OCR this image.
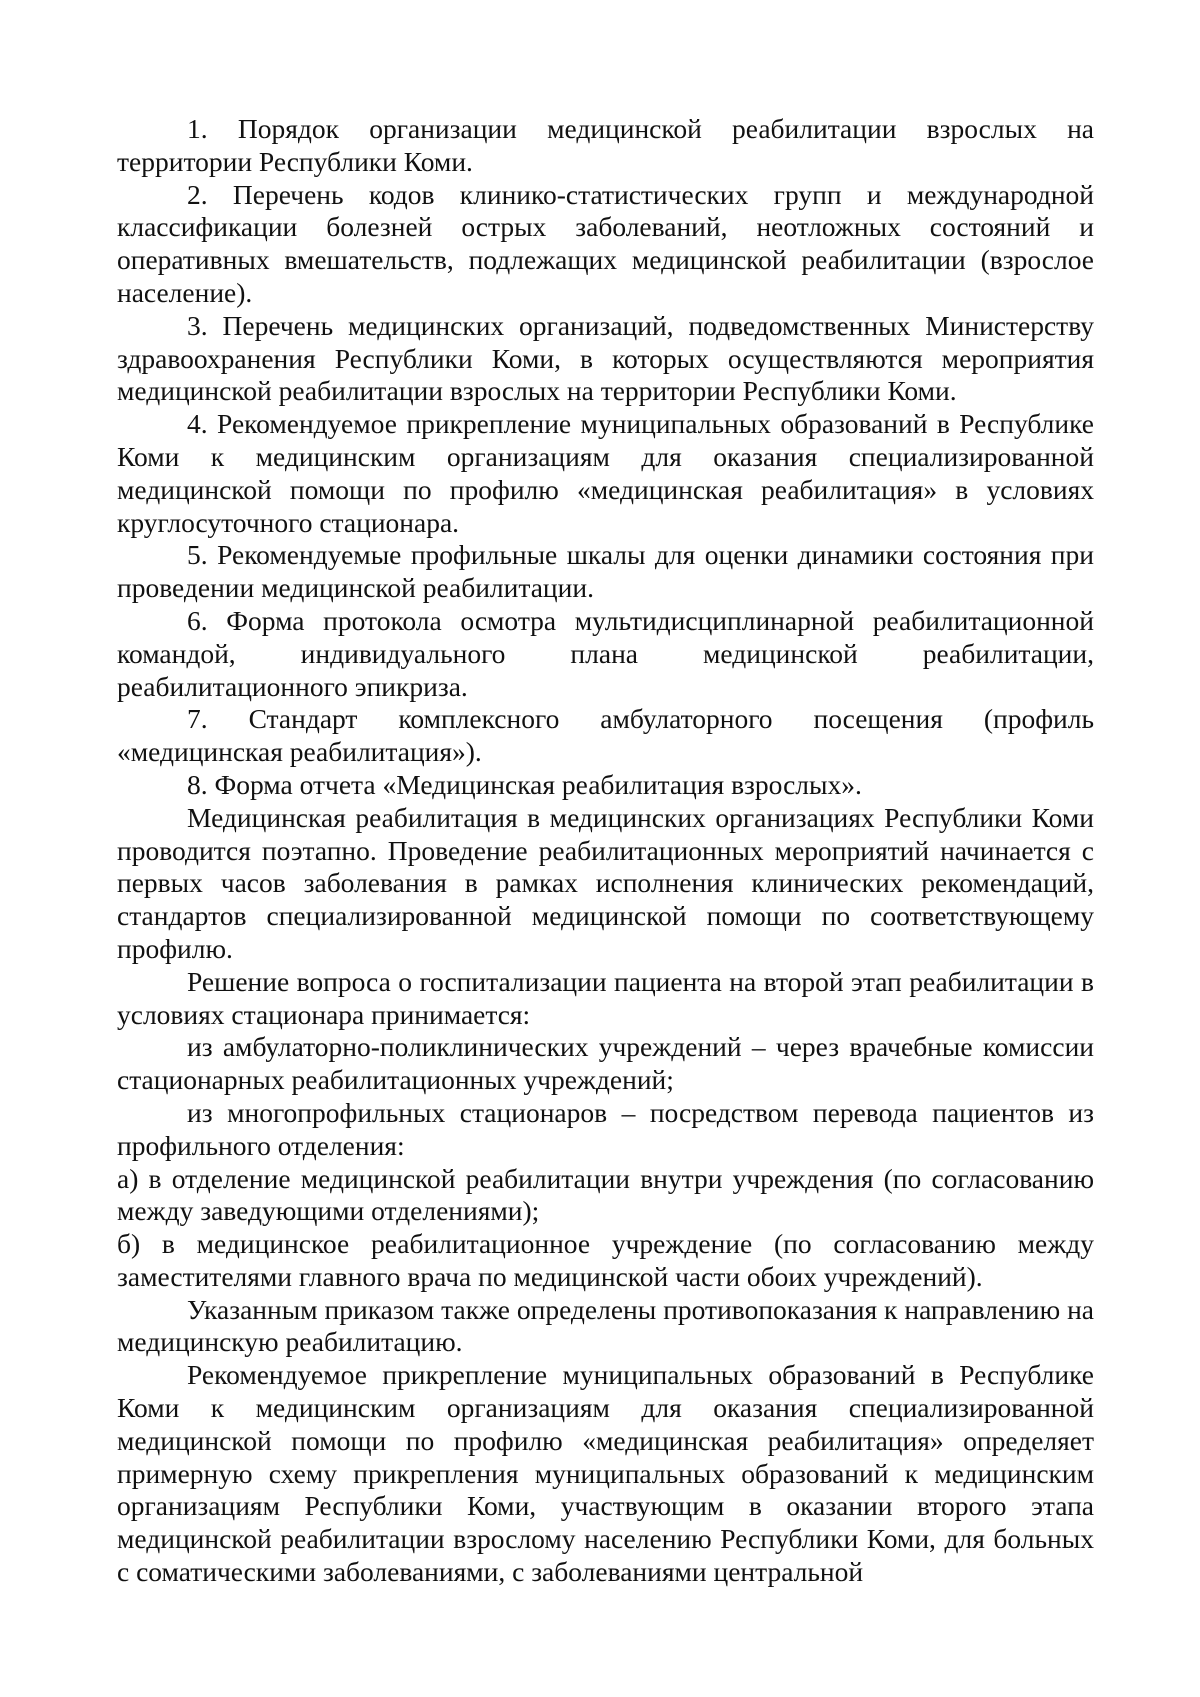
1. Порядок организации медицинской реабилитации взрослых на территории Республики Коми.

2. Перечень кодов клинико-статистических групп и международной классификации болезней острых заболеваний, неотложных состояний и оперативных вмешательств, подлежащих медицинской реабилитации (взрослое население).

3. Перечень медицинских организаций, подведомственных Министерству здравоохранения Республики Коми, в которых осуществляются мероприятия медицинской реабилитации взрослых на территории Республики Коми.

4. Рекомендуемое прикрепление муниципальных образований в Республике Коми к медицинским организациям для оказания специализированной медицинской помощи по профилю «медицинская реабилитация» в условиях круглосуточного стационара.

5. Рекомендуемые профильные шкалы для оценки динамики состояния при проведении медицинской реабилитации.

6. Форма протокола осмотра мультидисциплинарной реабилитационной командой, индивидуального плана медицинской реабилитации, реабилитационного эпикриза.

7. Стандарт комплексного амбулаторного посещения (профиль «медицинская реабилитация»).

8. Форма отчета «Медицинская реабилитация взрослых».

Медицинская реабилитация в медицинских организациях Республики Коми проводится поэтапно. Проведение реабилитационных мероприятий начинается с первых часов заболевания в рамках исполнения клинических рекомендаций, стандартов специализированной медицинской помощи по соответствующему профилю.

Решение вопроса о госпитализации пациента на второй этап реабилитации в условиях стационара принимается:

из амбулаторно-поликлинических учреждений – через врачебные комиссии стационарных реабилитационных учреждений;

из многопрофильных стационаров – посредством перевода пациентов из профильного отделения:

а) в отделение медицинской реабилитации внутри учреждения (по согласованию между заведующими отделениями);

б) в медицинское реабилитационное учреждение (по согласованию между заместителями главного врача по медицинской части обоих учреждений).

Указанным приказом также определены противопоказания к направлению на медицинскую реабилитацию.

Рекомендуемое прикрепление муниципальных образований в Республике Коми к медицинским организациям для оказания специализированной медицинской помощи по профилю «медицинская реабилитация» определяет примерную схему прикрепления муниципальных образований к медицинским организациям Республики Коми, участвующим в оказании второго этапа медицинской реабилитации взрослому населению Республики Коми, для больных с соматическими заболеваниями, с заболеваниями центральной
